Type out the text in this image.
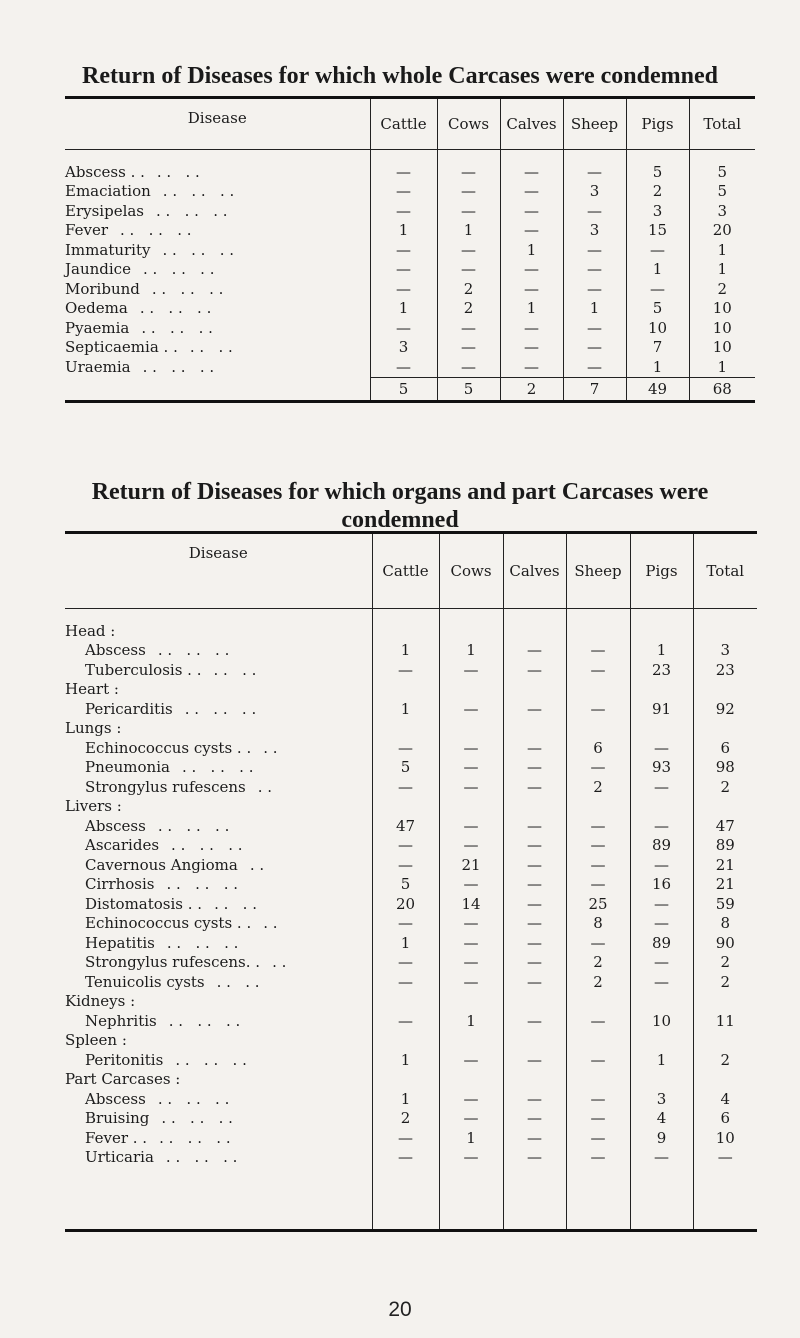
Return of Diseases for which whole Carcases were condemned
Disease	Cattle	Cows	Calves	Sheep	Pigs	Total

Abscess . . . .   . .	—	—	—	—	5	5
Emaciation . .   . .   . .	—	—	—	3	2	5
Erysipelas . .   . .   . .	—	—	—	—	3	3
Fever . .   . .   . .	1	1	—	3	15	20
Immaturity . .   . .   . .	—	—	1	—	—	1
Jaundice . .   . .   . .	—	—	—	—	1	1
Moribund . .   . .   . .	—	2	—	—	—	2
Oedema . .   . .   . .	1	2	1	1	5	10
Pyaemia . .   . .   . .	—	—	—	—	10	10
Septicaemia . . . .   . .	3	—	—	—	7	10
Uraemia . .   . .   . .	—	—	—	—	1	1
	5	5	2	7	49	68
Return of Diseases for which organs and part Carcases were
condemned
Disease	Cattle	Cows	Calves	Sheep	Pigs	Total

Head :						
Abscess . .   . .   . .	1	1	—	—	1	3
Tuberculosis . . . .   . .	—	—	—	—	23	23
Heart :						
Pericarditis . .   . .   . .	1	—	—	—	91	92
Lungs :						
Echinococcus cysts . . . .	—	—	—	6	—	6
Pneumonia . .   . .   . .	5	—	—	—	93	98
Strongylus rufescens . .	—	—	—	2	—	2
Livers :						
Abscess . .   . .   . .	47	—	—	—	—	47
Ascarides . .   . .   . .	—	—	—	—	89	89
Cavernous Angioma . .	—	21	—	—	—	21
Cirrhosis . .   . .   . .	5	—	—	—	16	21
Distomatosis . . . .   . .	20	14	—	25	—	59
Echinococcus cysts . . . .	—	—	—	8	—	8
Hepatitis . .   . .   . .	1	—	—	—	89	90
Strongylus rufescens. . . .	—	—	—	2	—	2
Tenuicolis cysts . .   . .	—	—	—	2	—	2
Kidneys :						
Nephritis . .   . .   . .	—	1	—	—	10	11
Spleen :						
Peritonitis . .   . .   . .	1	—	—	—	1	2
Part Carcases :						
Abscess . .   . .   . .	1	—	—	—	3	4
Bruising . .   . .   . .	2	—	—	—	4	6
Fever . . . .   . .   . .	—	1	—	—	9	10
Urticaria . .   . .   . .	—	—	—	—	—	—

20
